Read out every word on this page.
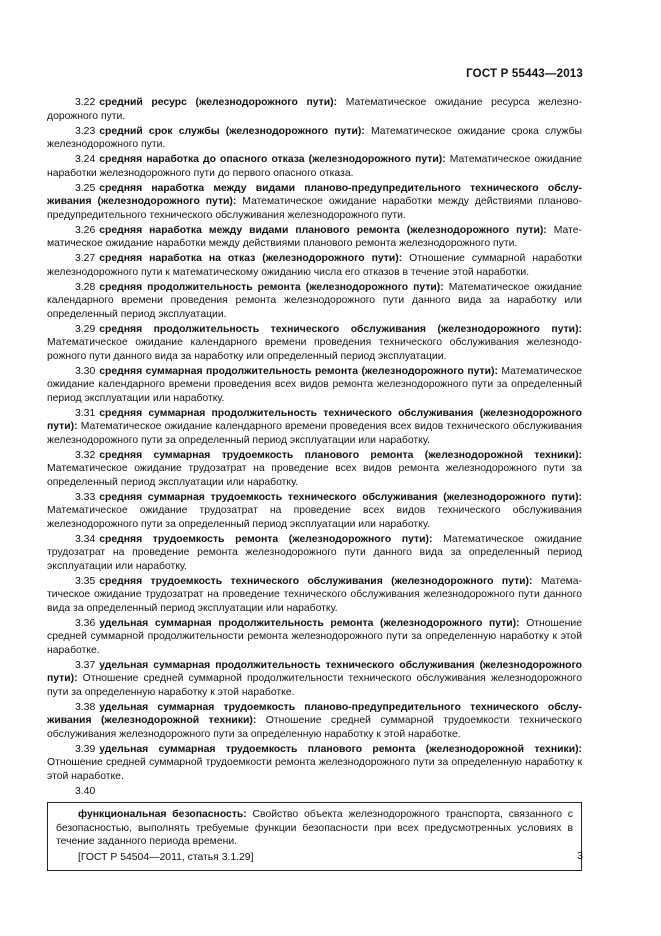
ГОСТ Р 55443—2013

3.22 средний ресурс (железнодорожного пути): Математическое ожидание ресурса железнодорожного пути.

3.23 средний срок службы (железнодорожного пути): Математическое ожидание срока службы железнодорожного пути.

3.24 средняя наработка до опасного отказа (железнодорожного пути): Математическое ожидание наработки железнодорожного пути до первого опасного отказа.

3.25 средняя наработка между видами планово-предупредительного технического обслуживания (железнодорожного пути): Математическое ожидание наработки между действиями планово-предупредительного технического обслуживания железнодорожного пути.

3.26 средняя наработка между видами планового ремонта (железнодорожного пути): Математическое ожидание наработки между действиями планового ремонта железнодорожного пути.

3.27 средняя наработка на отказ (железнодорожного пути): Отношение суммарной наработки железнодорожного пути к математическому ожиданию числа его отказов в течение этой наработки.

3.28 средняя продолжительность ремонта (железнодорожного пути): Математическое ожидание календарного времени проведения ремонта железнодорожного пути данного вида за наработку или определенный период эксплуатации.

3.29 средняя продолжительность технического обслуживания (железнодорожного пути): Математическое ожидание календарного времени проведения технического обслуживания железнодорожного пути данного вида за наработку или определенный период эксплуатации.

3.30 средняя суммарная продолжительность ремонта (железнодорожного пути): Математическое ожидание календарного времени проведения всех видов ремонта железнодорожного пути за определенный период эксплуатации или наработку.

3.31 средняя суммарная продолжительность технического обслуживания (железнодорожного пути): Математическое ожидание календарного времени проведения всех видов технического обслуживания железнодорожного пути за определенный период эксплуатации или наработку.

3.32 средняя суммарная трудоемкость планового ремонта (железнодорожной техники): Математическое ожидание трудозатрат на проведение всех видов ремонта железнодорожного пути за определенный период эксплуатации или наработку.

3.33 средняя суммарная трудоемкость технического обслуживания (железнодорожного пути): Математическое ожидание трудозатрат на проведение всех видов технического обслуживания железнодорожного пути за определенный период эксплуатации или наработку.

3.34 средняя трудоемкость ремонта (железнодорожного пути): Математическое ожидание трудозатрат на проведение ремонта железнодорожного пути данного вида за определенный период эксплуатации или наработку.

3.35 средняя трудоемкость технического обслуживания (железнодорожного пути): Математическое ожидание трудозатрат на проведение технического обслуживания железнодорожного пути данного вида за определенный период эксплуатации или наработку.

3.36 удельная суммарная продолжительность ремонта (железнодорожного пути): Отношение средней суммарной продолжительности ремонта железнодорожного пути за определенную наработку к этой наработке.

3.37 удельная суммарная продолжительность технического обслуживания (железнодорожного пути): Отношение средней суммарной продолжительности технического обслуживания железнодорожного пути за определенную наработку к этой наработке.

3.38 удельная суммарная трудоемкость планово-предупредительного технического обслуживания (железнодорожной техники): Отношение средней суммарной трудоемкости технического обслуживания железнодорожного пути за определенную наработку к этой наработке.

3.39 удельная суммарная трудоемкость планового ремонта (железнодорожной техники): Отношение средней суммарной трудоемкости ремонта железнодорожного пути за определенную наработку к этой наработке.

3.40

функциональная безопасность: Свойство объекта железнодорожного транспорта, связанного с безопасностью, выполнять требуемые функции безопасности при всех предусмотренных условиях в течение заданного периода времени.

[ГОСТ Р 54504—2011, статья 3.1.29]	3
